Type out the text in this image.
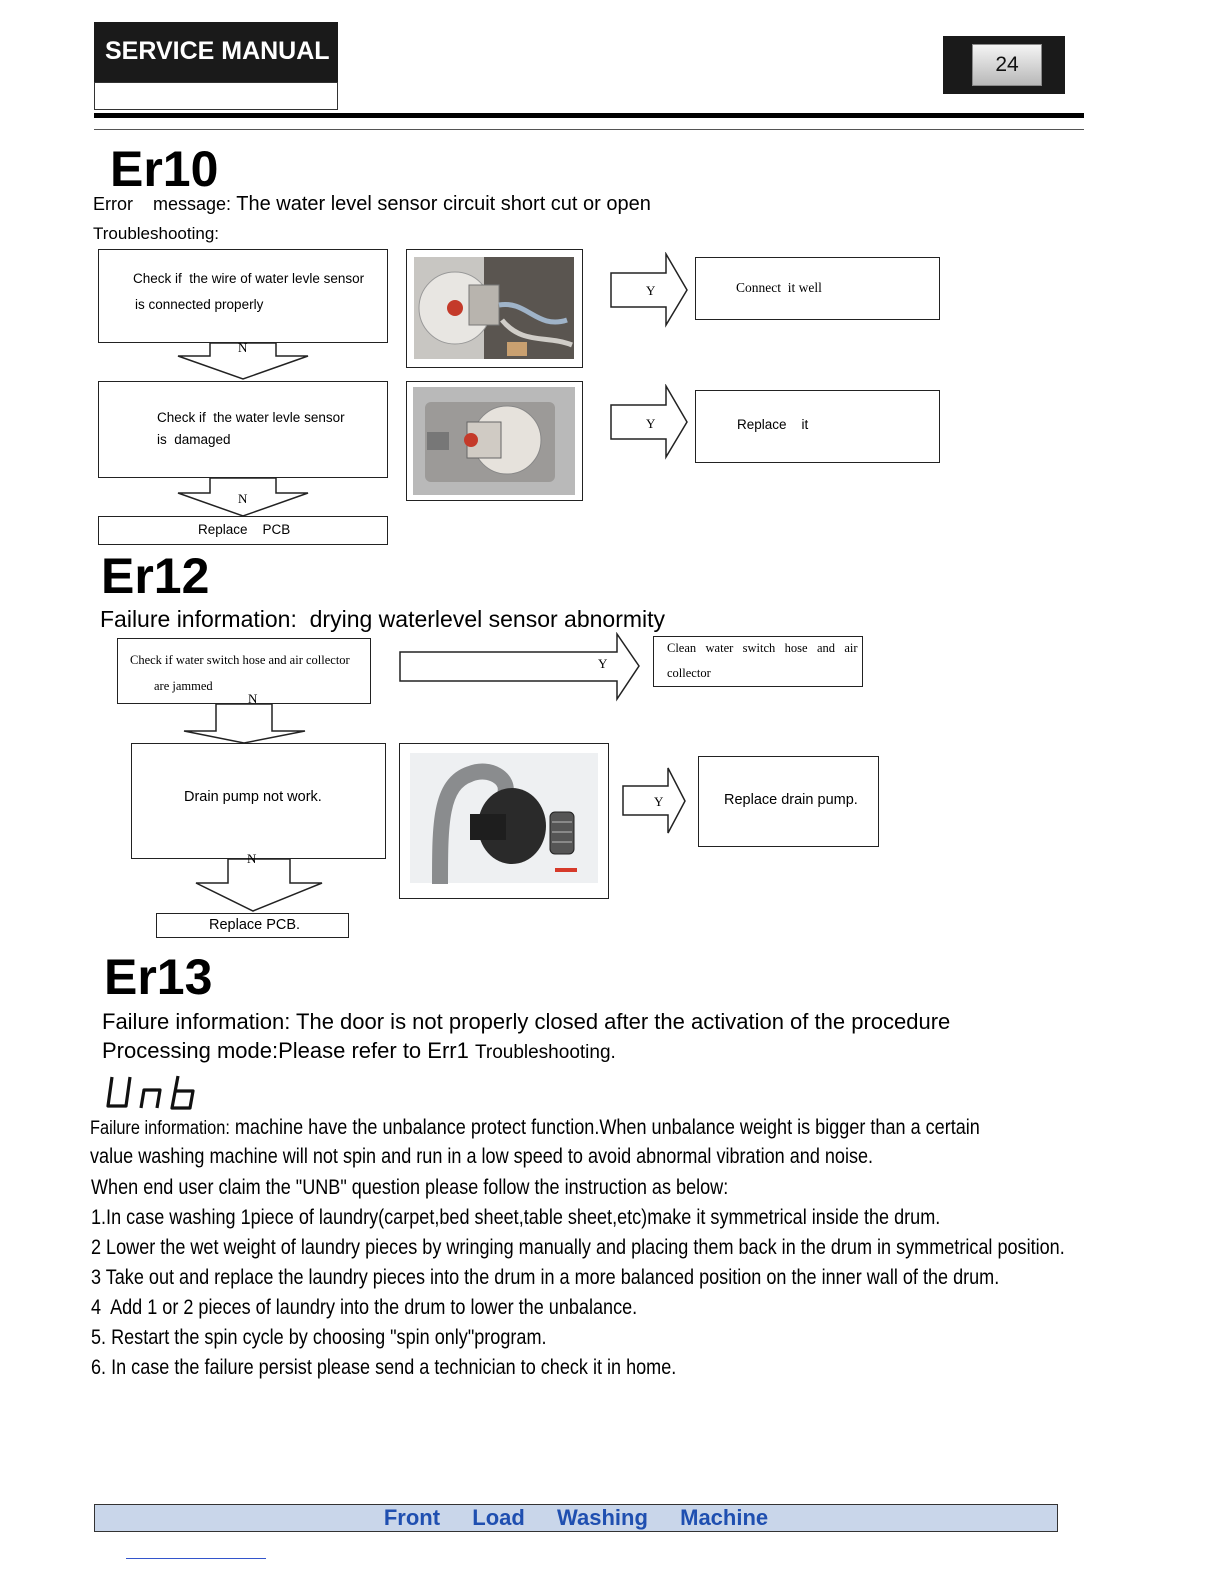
SERVICE MANUAL	24
Er10
Error    message: The water level sensor circuit short cut or open
Troubleshooting:
Check if  the wire of water levle sensor
is connected properly
N
Check if  the water levle sensor
is  damaged
N
Replace    PCB
Y	Connect  it well
Y	Replace    it
Er12
Failure information:  drying waterlevel sensor abnormity
Check if water switch hose and air collector
are jammed
N
Y
Clean   water   switch   hose   and   air
collector
Drain pump not work.
N
Replace PCB.
Y	Replace drain pump.
Er13
Failure information: The door is not properly closed after the activation of the procedure
Processing mode:Please refer to Err1 Troubleshooting.
Failure information: machine have the unbalance protect function.When unbalance weight is bigger than a certain
value washing machine will not spin and run in a low speed to avoid abnormal vibration and noise.
When end user claim the "UNB" question please follow the instruction as below:
1.In case washing 1piece of laundry(carpet,bed sheet,table sheet,etc)make it symmetrical inside the drum.
2 Lower the wet weight of laundry pieces by wringing manually and placing them back in the drum in symmetrical position.
3 Take out and replace the laundry pieces into the drum in a more balanced position on the inner wall of the drum.
4  Add 1 or 2 pieces of laundry into the drum to lower the unbalance.
5. Restart the spin cycle by choosing "spin only"program.
6. In case the failure persist please send a technician to check it in home.
Front  Load  Washing  Machine
